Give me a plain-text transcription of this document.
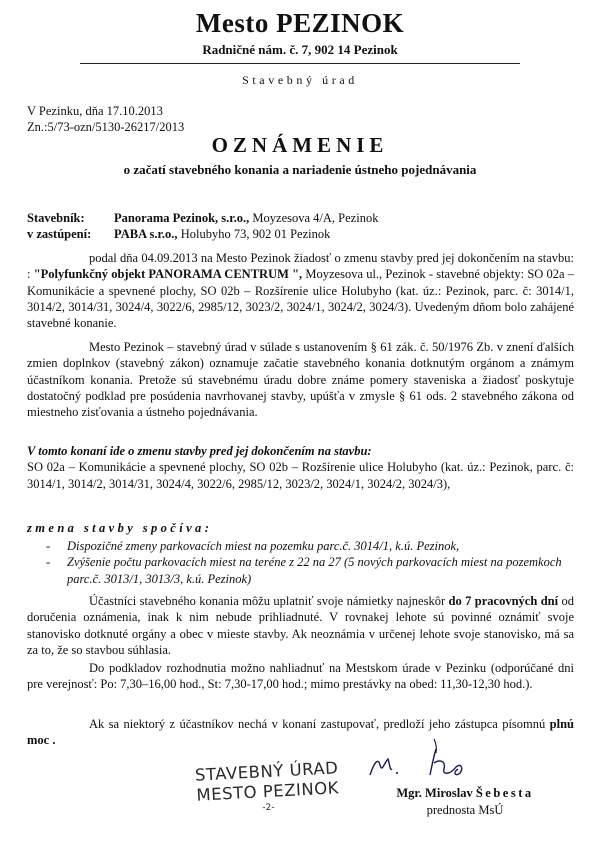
Mesto PEZINOK
Radničné nám. č. 7, 902 14 Pezinok
Stavebný úrad
V Pezinku, dňa 17.10.2013
Zn.:5/73-ozn/5130-26217/2013
OZNÁMENIE
o začatí stavebného konania a nariadenie ústneho pojednávania
Stavebník: Panorama Pezinok, s.r.o., Moyzesova 4/A, Pezinok
v zastúpení: PABA s.r.o., Holubyho 73, 902 01 Pezinok

podal dňa 04.09.2013 na Mesto Pezinok žiadosť o zmenu stavby pred jej dokončením na stavbu: : "Polyfunkčný objekt PANORAMA CENTRUM ", Moyzesova ul., Pezinok - stavebné objekty: SO 02a – Komunikácie a spevnené plochy, SO 02b – Rozšírenie ulice Holubyho (kat. úz.: Pezinok, parc. č: 3014/1, 3014/2, 3014/31, 3024/4, 3022/6, 2985/12, 3023/2, 3024/1, 3024/2, 3024/3). Uvedeným dňom bolo zahájené stavebné konanie.

Mesto Pezinok – stavebný úrad v súlade s ustanovením § 61 zák. č. 50/1976 Zb. v znení ďalších zmien doplnkov (stavebný zákon) oznamuje začatie stavebného konania dotknutým orgánom a známym účastníkom konania. Pretože sú stavebnému úradu dobre známe pomery staveniska a žiadosť poskytuje dostatočný podklad pre posúdenia navrhovanej stavby, upúšťa v zmysle § 61 ods. 2 stavebného zákona od miestneho zisťovania a ústneho pojednávania.

V tomto konaní ide o zmenu stavby pred jej dokončením na stavbu:

SO 02a – Komunikácie a spevnené plochy, SO 02b – Rozšírenie ulice Holubyho (kat. úz.: Pezinok, parc. č: 3014/1, 3014/2, 3014/31, 3024/4, 3022/6, 2985/12, 3023/2, 3024/1, 3024/2, 3024/3),

zmena stavby spočíva:
- Dispozičné zmeny parkovacích miest na pozemku parc.č. 3014/1, k.ú. Pezinok,
- Zvýšenie počtu parkovacích miest na teréne z 22 na 27 (5 nových parkovacích miest na pozemkoch parc.č. 3013/1, 3013/3, k.ú. Pezinok)

Účastníci stavebného konania môžu uplatniť svoje námietky najneskôr do 7 pracovných dní od doručenia oznámenia, inak k nim nebude prihliadnuté. V rovnakej lehote sú povinné oznámiť svoje stanovisko dotknuté orgány a obec v mieste stavby. Ak neoznámia v určenej lehote svoje stanovisko, má sa za to, že so stavbou súhlasia.

Do podkladov rozhodnutia možno nahliadnuť na Mestskom úrade v Pezinku (odporúčané dni pre verejnosť: Po: 7,30–16,00 hod., St: 7,30-17,00 hod.; mimo prestávky na obed: 11,30-12,30 hod.).

Ak sa niektorý z účastníkov nechá v konaní zastupovať, predloží jeho zástupca písomnú plnú moc .

STAVEBNÝ ÚRAD
MESTO PEZINOK
-2-
Mgr. Miroslav Šebesta
prednosta MsÚ
